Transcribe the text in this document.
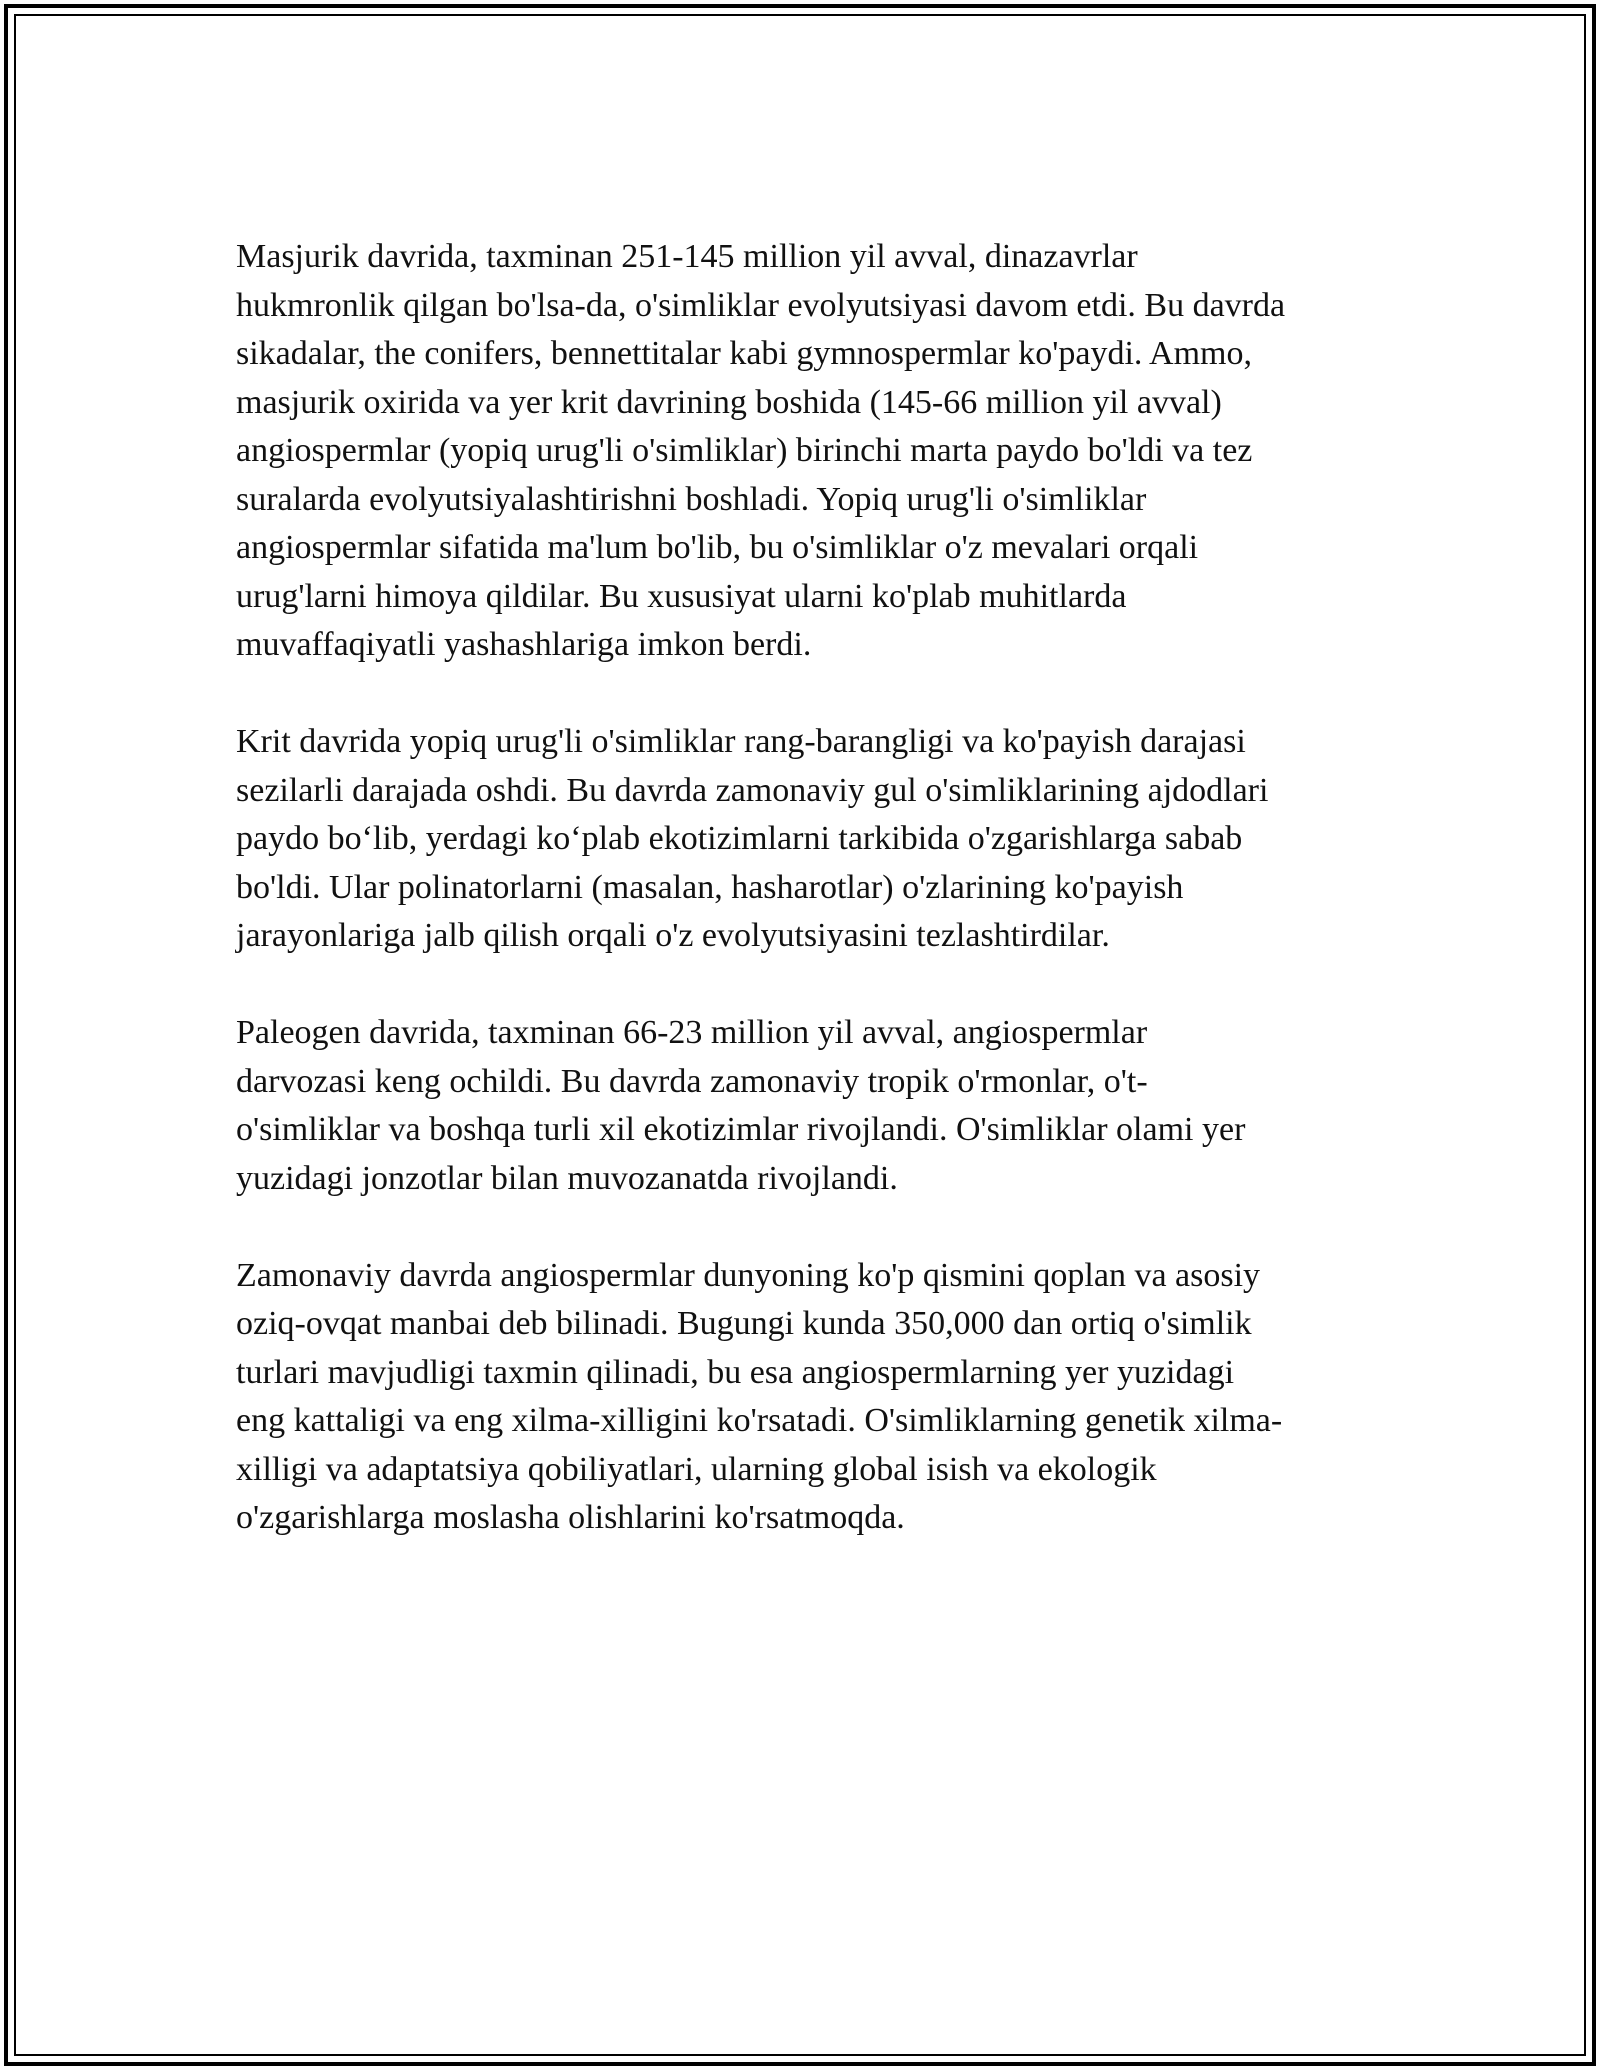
Masjurik davrida, taxminan 251-145 million yil avval, dinazavrlar
hukmronlik qilgan bo'lsa-da, o'simliklar evolyutsiyasi davom etdi. Bu davrda
sikadalar, the conifers, bennettitalar kabi gymnospermlar ko'paydi. Ammo,
masjurik oxirida va yer krit davrining boshida (145-66 million yil avval)
angiospermlar (yopiq urug'li o'simliklar) birinchi marta paydo bo'ldi va tez
suralarda evolyutsiyalashtirishni boshladi. Yopiq urug'li o'simliklar
angiospermlar sifatida ma'lum bo'lib, bu o'simliklar o'z mevalari orqali
urug'larni himoya qildilar. Bu xususiyat ularni ko'plab muhitlarda
muvaffaqiyatli yashashlariga imkon berdi.

Krit davrida yopiq urug'li o'simliklar rang-barangligi va ko'payish darajasi
sezilarli darajada oshdi. Bu davrda zamonaviy gul o'simliklarining ajdodlari
paydo bo‘lib, yerdagi ko‘plab ekotizimlarni tarkibida o'zgarishlarga sabab
bo'ldi. Ular polinatorlarni (masalan, hasharotlar) o'zlarining ko'payish
jarayonlariga jalb qilish orqali o'z evolyutsiyasini tezlashtirdilar.

Paleogen davrida, taxminan 66-23 million yil avval, angiospermlar
darvozasi keng ochildi. Bu davrda zamonaviy tropik o'rmonlar, o't-
o'simliklar va boshqa turli xil ekotizimlar rivojlandi. O'simliklar olami yer
yuzidagi jonzotlar bilan muvozanatda rivojlandi.

Zamonaviy davrda angiospermlar dunyoning ko'p qismini qoplan va asosiy
oziq-ovqat manbai deb bilinadi. Bugungi kunda 350,000 dan ortiq o'simlik
turlari mavjudligi taxmin qilinadi, bu esa angiospermlarning yer yuzidagi
eng kattaligi va eng xilma-xilligini ko'rsatadi. O'simliklarning genetik xilma-
xilligi va adaptatsiya qobiliyatlari, ularning global isish va ekologik
o'zgarishlarga moslasha olishlarini ko'rsatmoqda.
